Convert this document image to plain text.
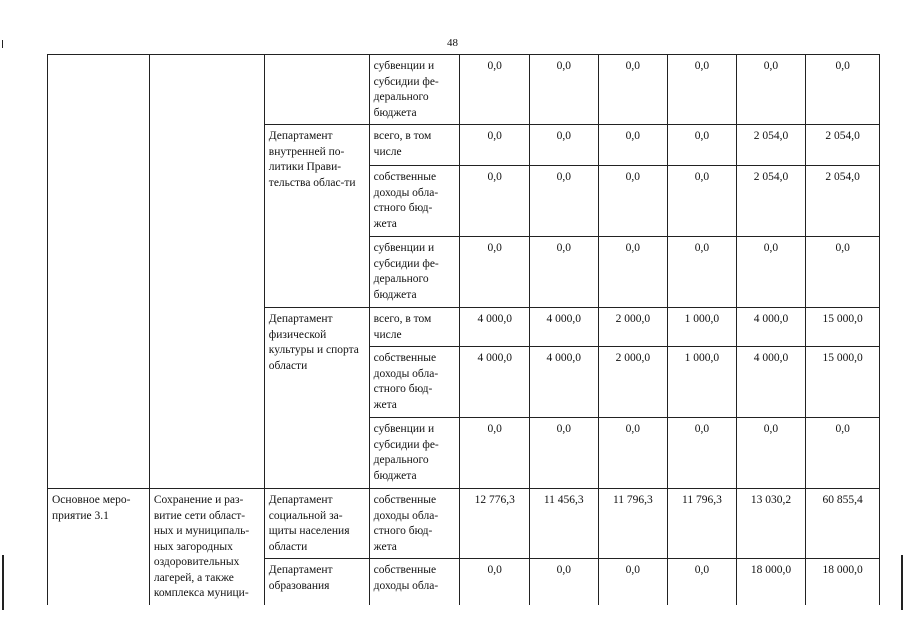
48
			субвенции и субсидии фе-дерального бюджета	0,0	0,0	0,0	0,0	0,0	0,0
		Департамент внутренней по-литики Прави-тельства облас-ти	всего, в том числе	0,0	0,0	0,0	0,0	2 054,0	2 054,0
			собственные доходы обла-стного бюд-жета	0,0	0,0	0,0	0,0	2 054,0	2 054,0
			субвенции и субсидии фе-дерального бюджета	0,0	0,0	0,0	0,0	0,0	0,0
		Департамент физической культуры и спорта области	всего, в том числе	4 000,0	4 000,0	2 000,0	1 000,0	4 000,0	15 000,0
			собственные доходы обла-стного бюд-жета	4 000,0	4 000,0	2 000,0	1 000,0	4 000,0	15 000,0
			субвенции и субсидии фе-дерального бюджета	0,0	0,0	0,0	0,0	0,0	0,0
Основное меро-приятие 3.1	Сохранение и раз-витие сети област-ных и муниципаль-ных загородных оздоровительных лагерей, а также комплекса муници-	Департамент социальной за-щиты населения области	собственные доходы обла-стного бюд-жета	12 776,3	11 456,3	11 796,3	11 796,3	13 030,2	60 855,4
		Департамент образования	собственные доходы обла-	0,0	0,0	0,0	0,0	18 000,0	18 000,0
